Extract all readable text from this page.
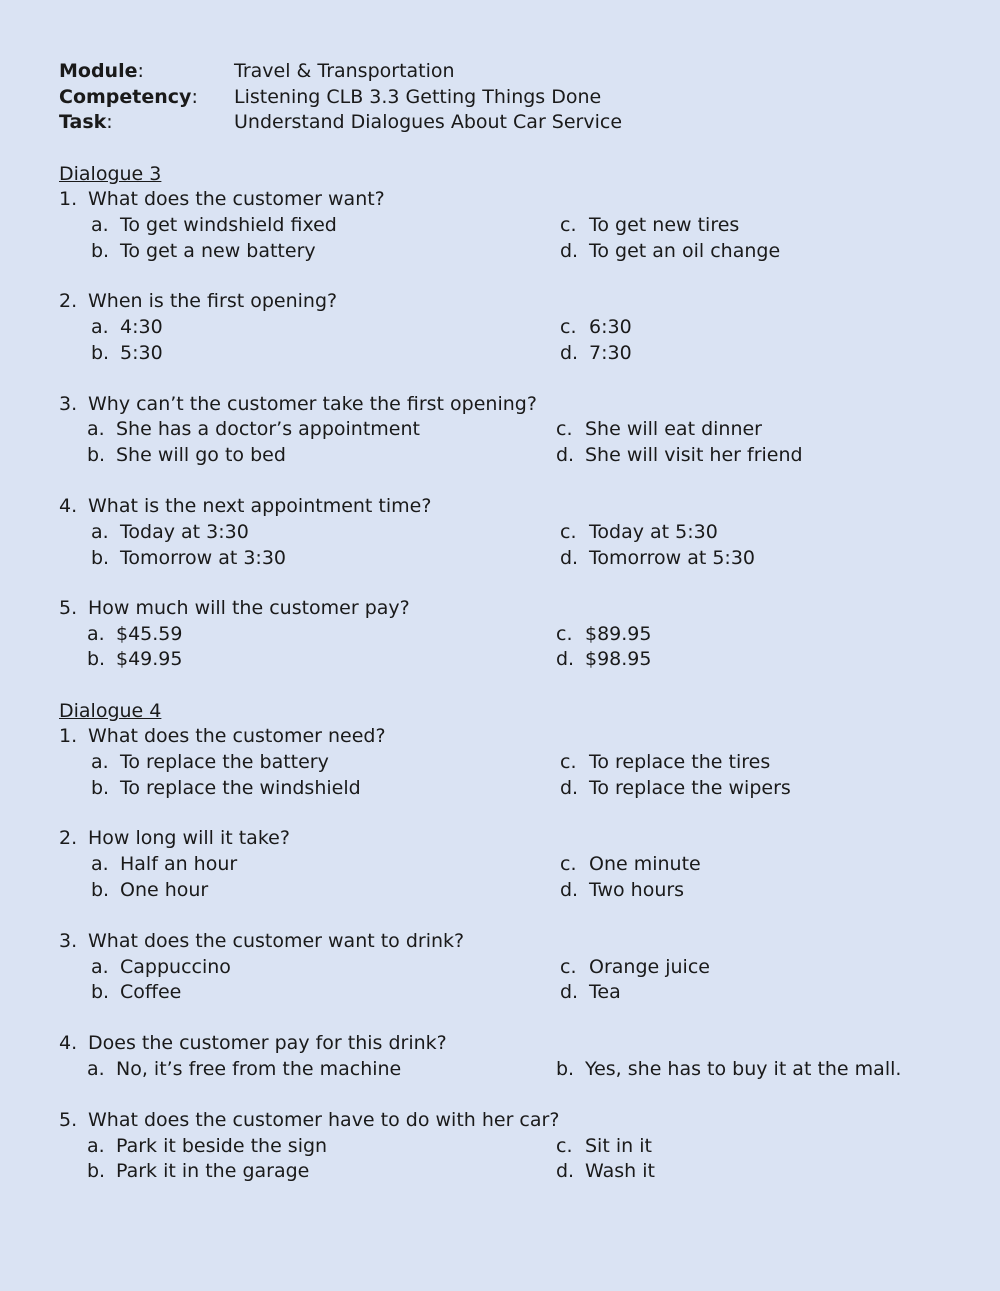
Module:	Travel & Transportation
Competency: Listening CLB 3.3 Getting Things Done
Task:	Understand Dialogues About Car Service
Dialogue 3
1. What does the customer want?
a. To get windshield fixed
b. To get a new battery
c. To get new tires
d. To get an oil change
2. When is the first opening?
a. 4:30
b. 5:30
c. 6:30
d. 7:30
3. Why can’t the customer take the first opening?
a. She has a doctor’s appointment
b. She will go to bed
c. She will eat dinner
d. She will visit her friend
4. What is the next appointment time?
a. Today at 3:30
b. Tomorrow at 3:30
c. Today at 5:30
d. Tomorrow at 5:30
5. How much will the customer pay?
a. $45.59
b. $49.95
c. $89.95
d. $98.95
Dialogue 4
1. What does the customer need?
a. To replace the battery
b. To replace the windshield
c. To replace the tires
d. To replace the wipers
2. How long will it take?
a. Half an hour
b. One hour
c. One minute
d. Two hours
3. What does the customer want to drink?
a. Cappuccino
b. Coffee
c. Orange juice
d. Tea
4. Does the customer pay for this drink?
a. No, it’s free from the machine	b. Yes, she has to buy it at the mall.
5. What does the customer have to do with her car?
a. Park it beside the sign
b. Park it in the garage
c. Sit in it
d. Wash it
